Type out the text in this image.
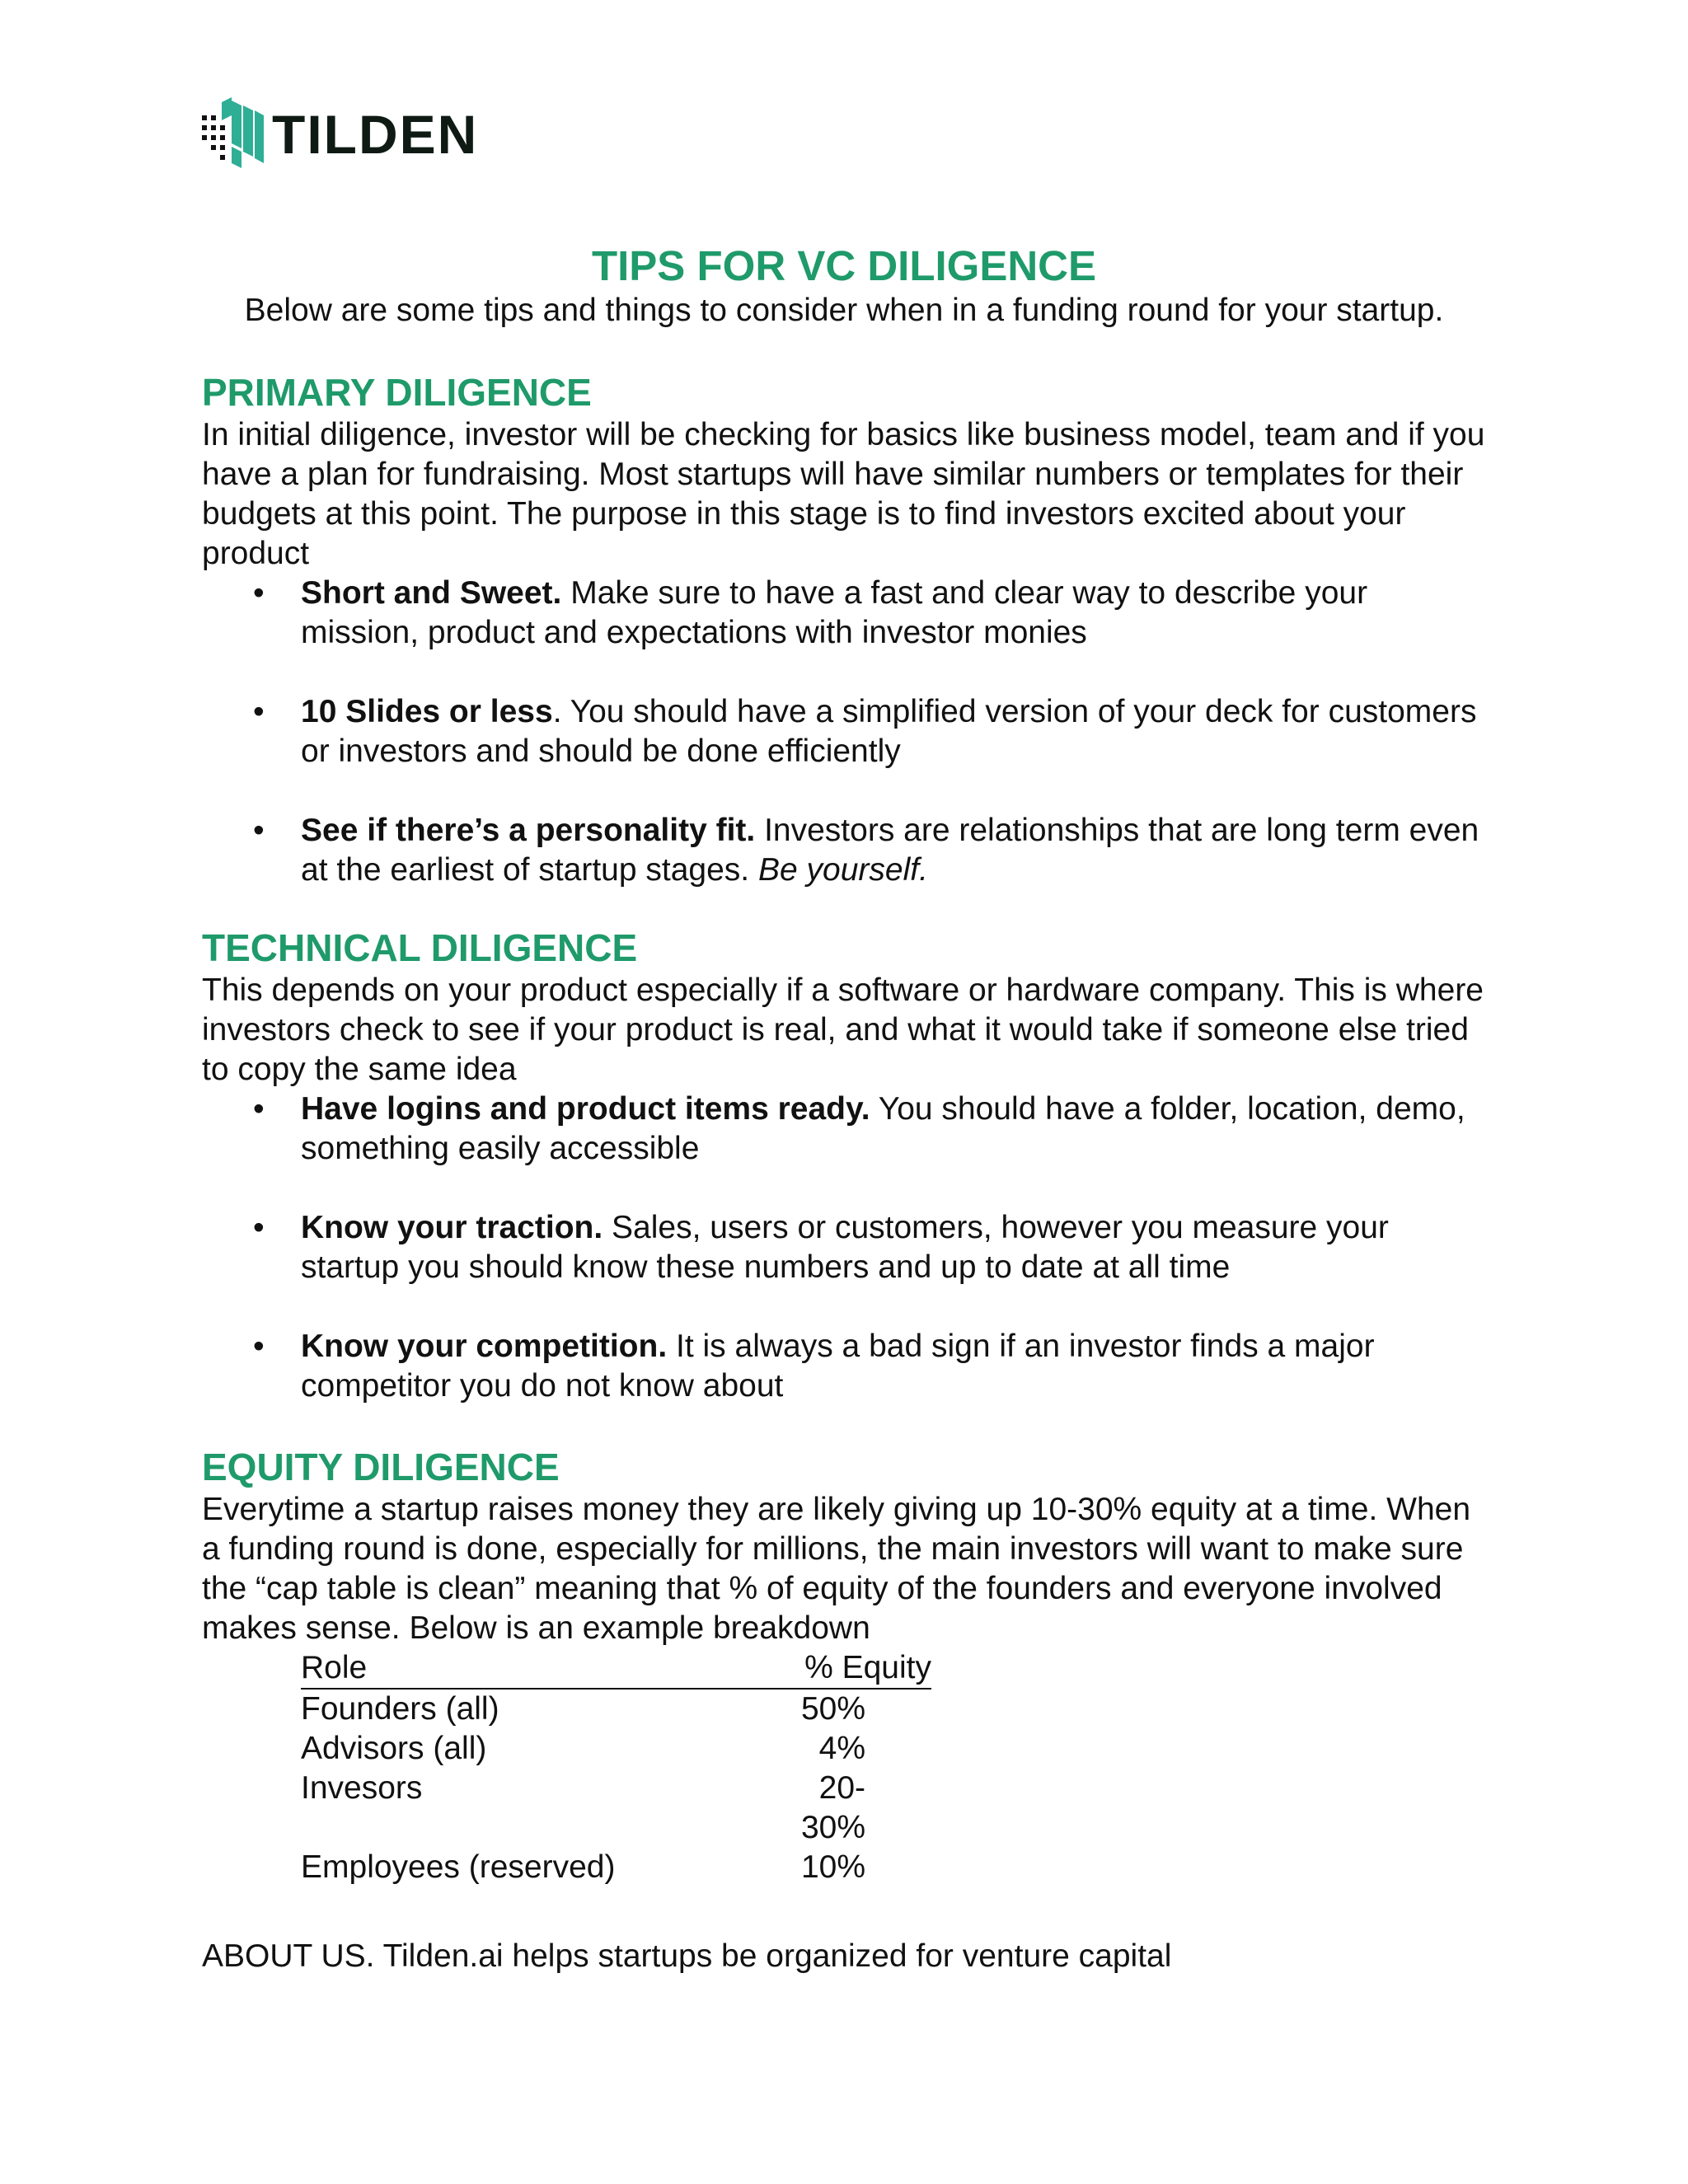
TILDEN
TIPS FOR VC DILIGENCE
Below are some tips and things to consider when in a funding round for your startup.
PRIMARY DILIGENCE

In initial diligence, investor will be checking for basics like business model, team and if you have a plan for fundraising. Most startups will have similar numbers or templates for their budgets at this point. The purpose in this stage is to find investors excited about your product

• Short and Sweet. Make sure to have a fast and clear way to describe your mission, product and expectations with investor monies
• 10 Slides or less. You should have a simplified version of your deck for customers or investors and should be done efficiently
• See if there’s a personality fit. Investors are relationships that are long term even at the earliest of startup stages. Be yourself.
TECHNICAL DILIGENCE

This depends on your product especially if a software or hardware company. This is where investors check to see if your product is real, and what it would take if someone else tried to copy the same idea

• Have logins and product items ready. You should have a folder, location, demo, something easily accessible
• Know your traction. Sales, users or customers, however you measure your startup you should know these numbers and up to date at all time
• Know your competition. It is always a bad sign if an investor finds a major competitor you do not know about
EQUITY DILIGENCE

Everytime a startup raises money they are likely giving up 10-30% equity at a time. When a funding round is done, especially for millions, the main investors will want to make sure the “cap table is clean” meaning that % of equity of the founders and everyone involved makes sense. Below is an example breakdown

Role	% Equity
Founders (all)	50%
Advisors (all)	4%
Invesors	20-30%
Employees (reserved)	10%
ABOUT US. Tilden.ai helps startups be organized for venture capital
